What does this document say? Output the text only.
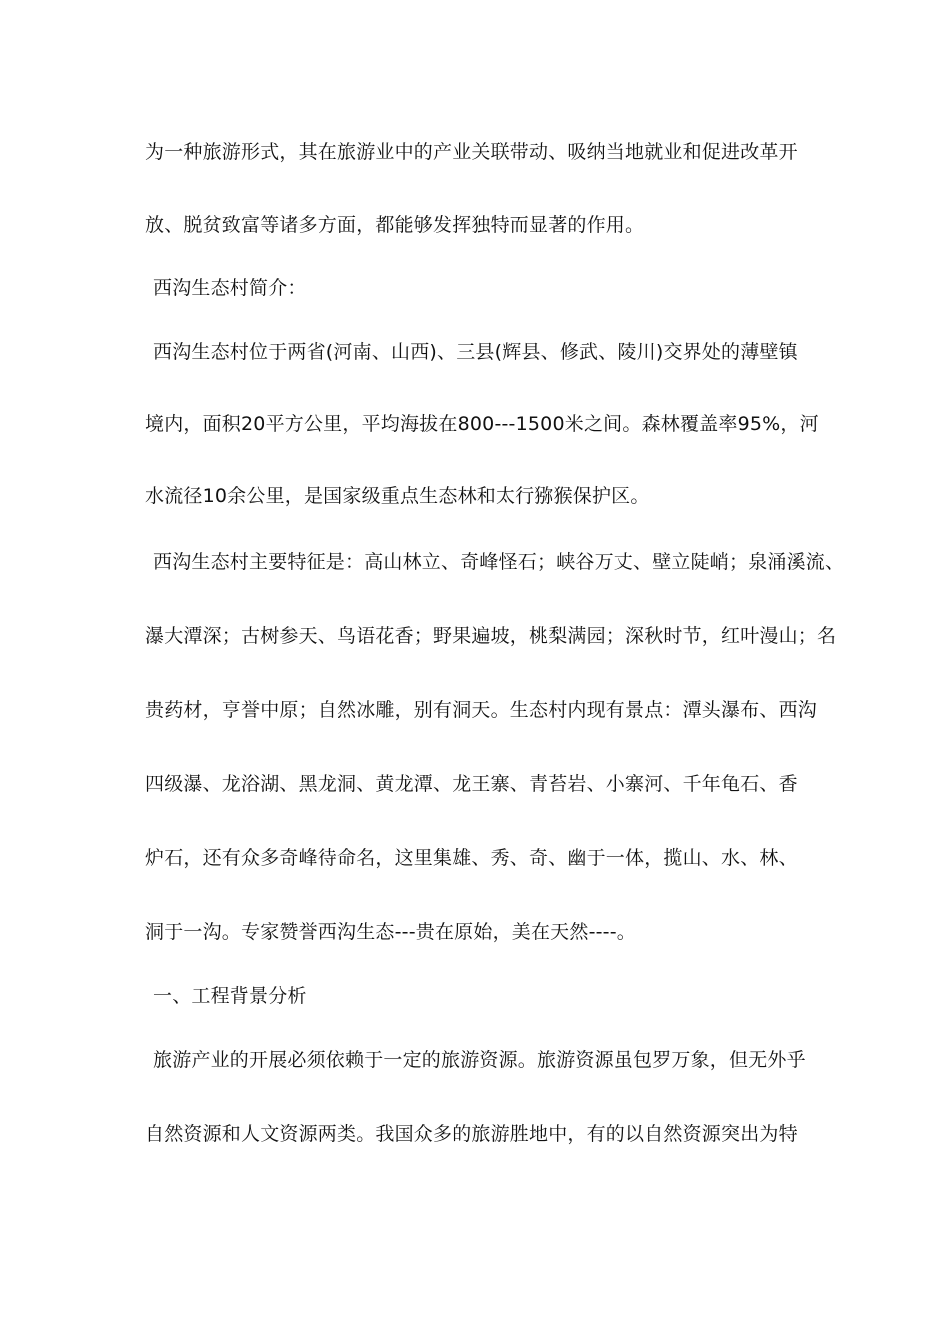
为一种旅游形式，其在旅游业中的产业关联带动、吸纳当地就业和促进改革开
放、脱贫致富等诸多方面，都能够发挥独特而显著的作用。
西沟生态村简介：
西沟生态村位于两省(河南、山西)、三县(辉县、修武、陵川)交界处的薄壁镇
境内，面积20平方公里，平均海拔在800---1500米之间。森林覆盖率95%，河
水流径10余公里，是国家级重点生态林和太行猕猴保护区。
西沟生态村主要特征是：高山林立、奇峰怪石；峡谷万丈、壁立陡峭；泉涌溪流、
瀑大潭深；古树参天、鸟语花香；野果遍坡，桃梨满园；深秋时节，红叶漫山；名
贵药材，亨誉中原；自然冰雕，别有洞天。生态村内现有景点：潭头瀑布、西沟
四级瀑、龙浴湖、黑龙洞、黄龙潭、龙王寨、青苔岩、小寨河、千年龟石、香
炉石，还有众多奇峰待命名，这里集雄、秀、奇、幽于一体，揽山、水、林、
洞于一沟。专家赞誉西沟生态---贵在原始，美在天然----。
一、工程背景分析
旅游产业的开展必须依赖于一定的旅游资源。旅游资源虽包罗万象，但无外乎
自然资源和人文资源两类。我国众多的旅游胜地中，有的以自然资源突出为特
